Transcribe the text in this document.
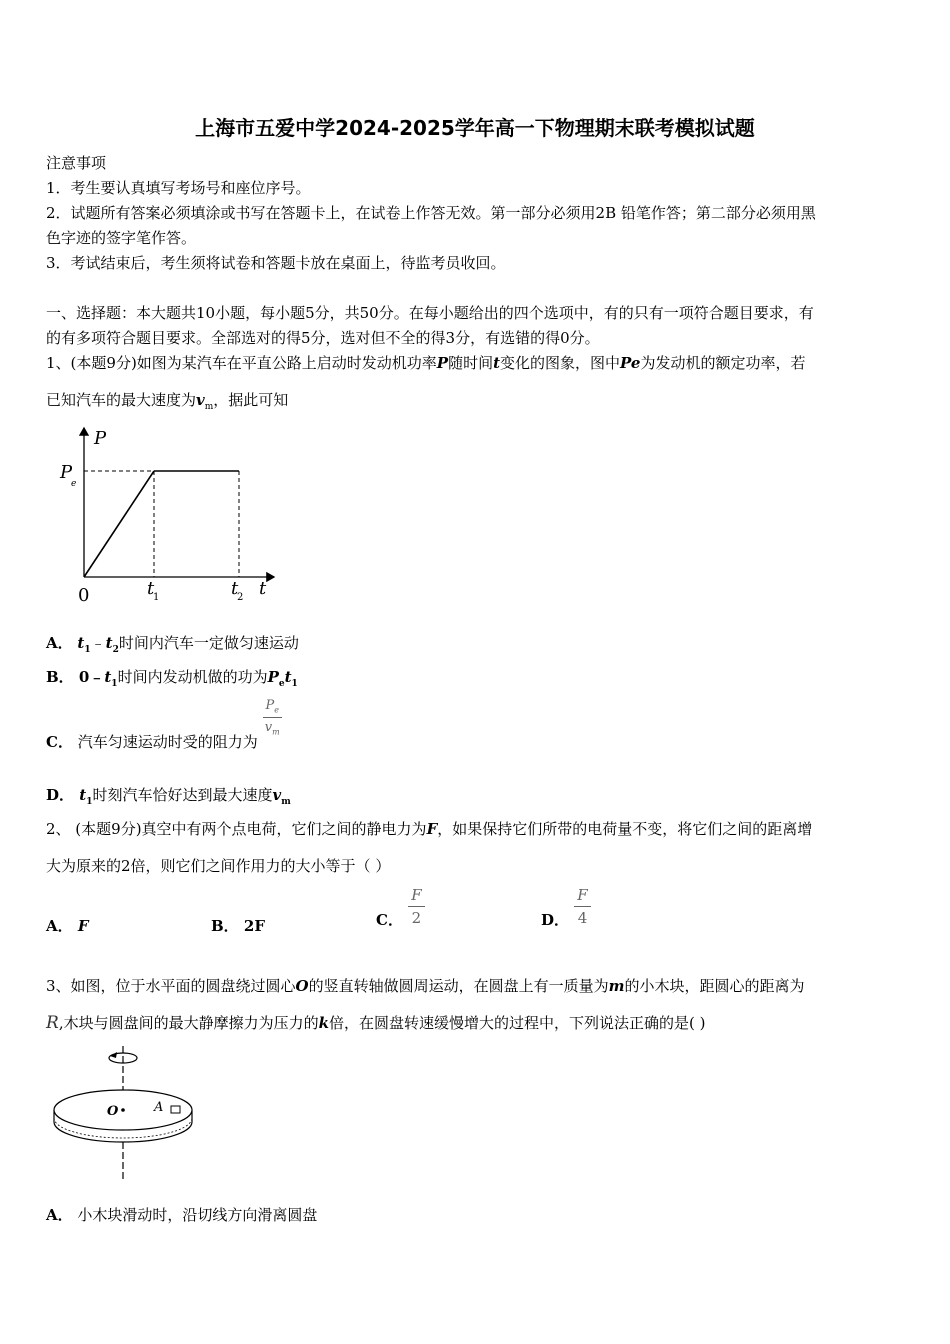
上海市五爱中学2024-2025学年高一下物理期末联考模拟试题
注意事项
1．考生要认真填写考场号和座位序号。
2．试题所有答案必须填涂或书写在答题卡上，在试卷上作答无效。第一部分必须用2B 铅笔作答；第二部分必须用黑
色字迹的签字笔作答。
3．考试结束后，考生须将试卷和答题卡放在桌面上，待监考员收回。
一、选择题：本大题共10小题，每小题5分，共50分。在每小题给出的四个选项中，有的只有一项符合题目要求，有
的有多项符合题目要求。全部选对的得5分，选对但不全的得3分，有选错的得0分。
1、(本题9分)如图为某汽车在平直公路上启动时发动机功率P随时间t变化的图象，图中Pe为发动机的额定功率，若
已知汽车的最大速度为$v_m$，据此可知
P
P
e
0	t
1	t
2 t
A． $t_1﹣t_2$时间内汽车一定做匀速运动
B． $0﹣t_1$时间内发动机做的功为$P_et_1$
C． 汽车匀速运动时受的阻力为
$\frac{P_e}{v_m}$
D． $t_1$时刻汽车恰好达到最大速度$v_m$
2、 (本题9分)真空中有两个点电荷，它们之间的静电力为F，如果保持它们所带的电荷量不变，将它们之间的距离增
大为原来的2倍，则它们之间作用力的大小等于（ ）
A． F	B． 2F	C． $\frac{F}{2}$	D． $\frac{F}{4}$
3、如图，位于水平面的圆盘绕过圆心O的竖直转轴做圆周运动，在圆盘上有一质量为m的小木块，距圆心的距离为
R,木块与圆盘间的最大静摩擦力为压力的k倍，在圆盘转速缓慢增大的过程中，下列说法正确的是( )
O	A
A． 小木块滑动时，沿切线方向滑离圆盘
